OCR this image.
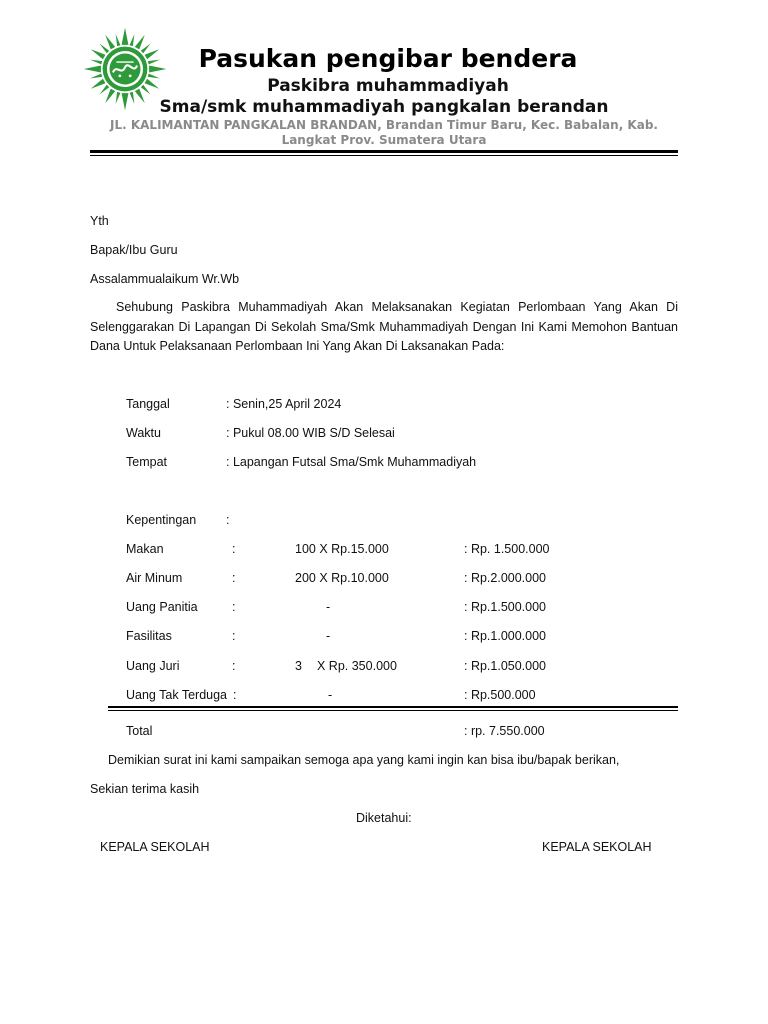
Pasukan pengibar bendera
Paskibra muhammadiyah
Sma/smk muhammadiyah pangkalan berandan
JL. KALIMANTAN PANGKALAN BRANDAN, Brandan Timur Baru, Kec. Babalan, Kab.
Langkat Prov. Sumatera Utara
Yth
Bapak/Ibu Guru
Assalammualaikum Wr.Wb
Sehubung Paskibra Muhammadiyah Akan Melaksanakan Kegiatan Perlombaan Yang Akan Di Selenggarakan Di Lapangan Di Sekolah Sma/Smk Muhammadiyah Dengan Ini Kami Memohon Bantuan Dana Untuk Pelaksanaan Perlombaan Ini Yang Akan Di Laksanakan Pada:
Tanggal	: Senin,25 April 2024
Waktu	: Pukul 08.00 WIB S/D Selesai
Tempat	: Lapangan Futsal Sma/Smk Muhammadiyah
Kepentingan :
Makan	:	100 X Rp.15.000	: Rp. 1.500.000
Air Minum	:	200 X Rp.10.000	: Rp.2.000.000
Uang Panitia	:	-	: Rp.1.500.000
Fasilitas	:	-	: Rp.1.000.000
Uang Juri	:	3 X Rp. 350.000	: Rp.1.050.000
Uang Tak Terduga :	-	: Rp.500.000
Total	: rp. 7.550.000
Demikian surat ini kami sampaikan semoga apa yang kami ingin kan bisa ibu/bapak berikan,
Sekian terima kasih
Diketahui:
KEPALA SEKOLAH	KEPALA SEKOLAH
